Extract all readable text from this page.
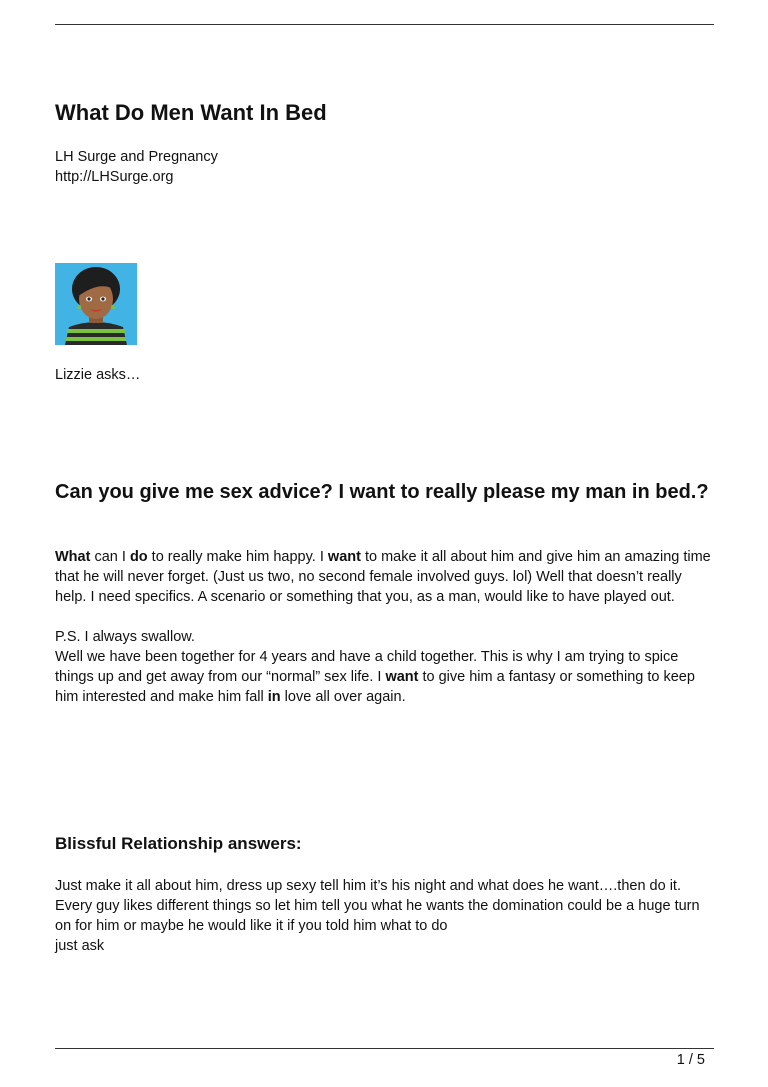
What Do Men Want In Bed
LH Surge and Pregnancy
http://LHSurge.org
Lizzie asks…
Can you give me sex advice? I want to really please my man in bed.?

What can I do to really make him happy. I want to make it all about him and give him an amazing time that he will never forget. (Just us two, no second female involved guys. lol) Well that doesn’t really help. I need specifics. A scenario or something that you, as a man, would like to have played out.

P.S. I always swallow.
Well we have been together for 4 years and have a child together. This is why I am trying to spice things up and get away from our “normal” sex life. I want to give him a fantasy or something to keep him interested and make him fall in love all over again.

Blissful Relationship answers:
Just make it all about him, dress up sexy tell him it’s his night and what does he want….then do it.
Every guy likes different things so let him tell you what he wants the domination could be a huge turn on for him or maybe he would like it if you told him what to do
just ask
1 / 5
